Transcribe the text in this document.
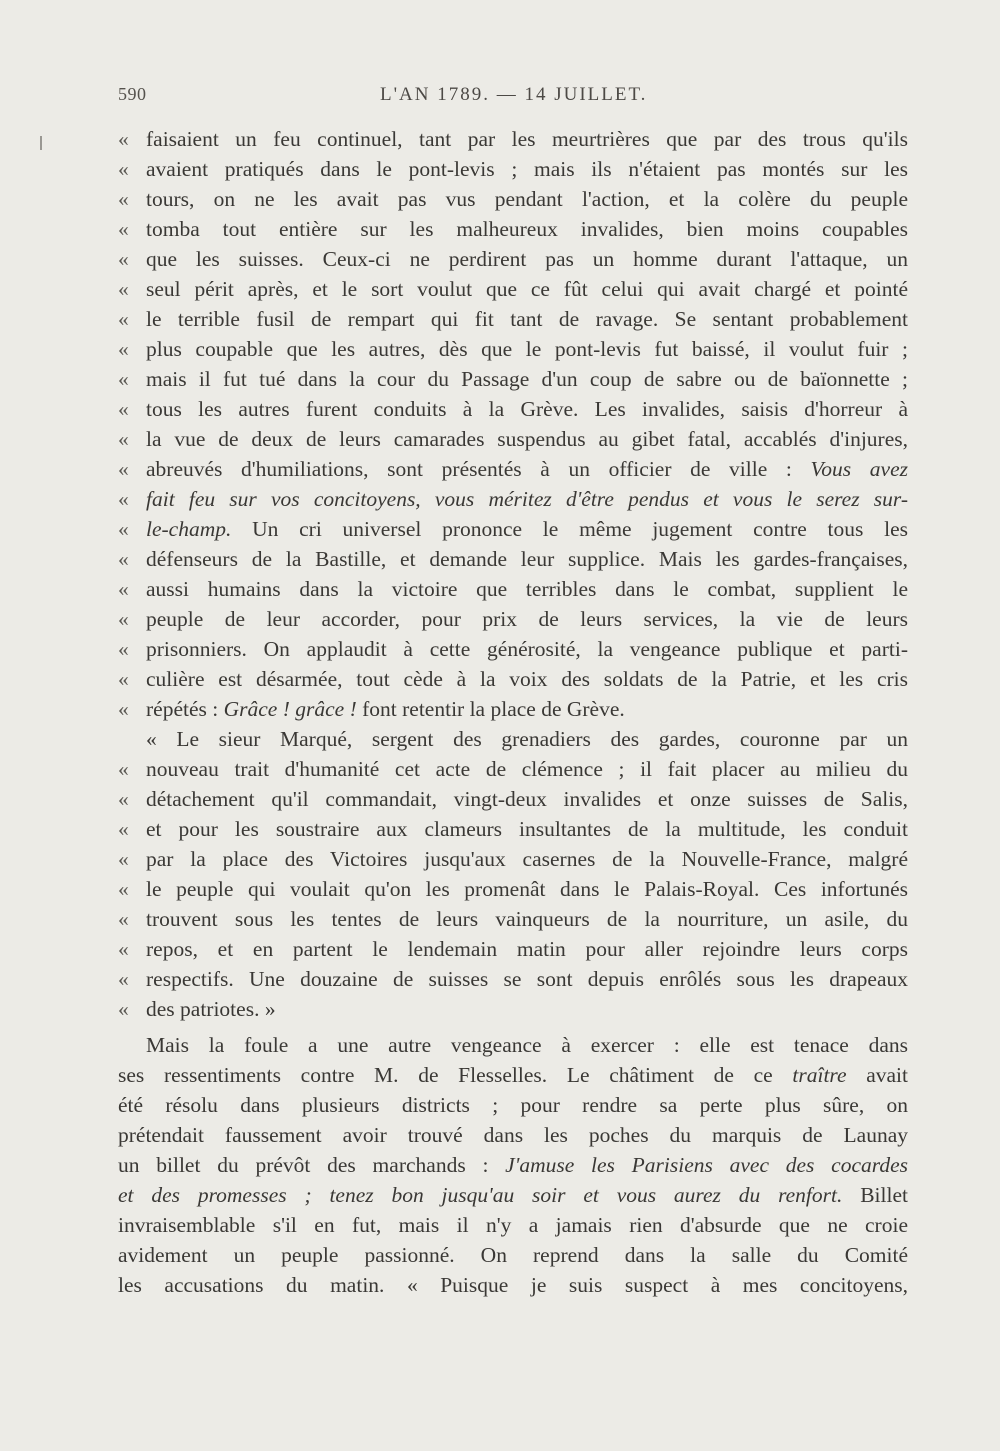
590	L'AN 1789. — 14 JUILLET.
« faisaient un feu continuel, tant par les meurtrières que par des trous qu'ils
« avaient pratiqués dans le pont-levis ; mais ils n'étaient pas montés sur les
« tours, on ne les avait pas vus pendant l'action, et la colère du peuple
« tomba tout entière sur les malheureux invalides, bien moins coupables
« que les suisses. Ceux-ci ne perdirent pas un homme durant l'attaque, un
« seul périt après, et le sort voulut que ce fût celui qui avait chargé et pointé
« le terrible fusil de rempart qui fit tant de ravage. Se sentant probablement
« plus coupable que les autres, dès que le pont-levis fut baissé, il voulut fuir ;
« mais il fut tué dans la cour du Passage d'un coup de sabre ou de baïonnette ;
« tous les autres furent conduits à la Grève. Les invalides, saisis d'horreur à
« la vue de deux de leurs camarades suspendus au gibet fatal, accablés d'injures,
« abreuvés d'humiliations, sont présentés à un officier de ville : Vous avez
« fait feu sur vos concitoyens, vous méritez d'être pendus et vous le serez sur-
« le-champ. Un cri universel prononce le même jugement contre tous les
« défenseurs de la Bastille, et demande leur supplice. Mais les gardes-françaises,
« aussi humains dans la victoire que terribles dans le combat, supplient le
« peuple de leur accorder, pour prix de leurs services, la vie de leurs
« prisonniers. On applaudit à cette générosité, la vengeance publique et parti-
« culière est désarmée, tout cède à la voix des soldats de la Patrie, et les cris
« répétés : Grâce ! grâce ! font retentir la place de Grève.
« Le sieur Marqué, sergent des grenadiers des gardes, couronne par un
« nouveau trait d'humanité cet acte de clémence ; il fait placer au milieu du
« détachement qu'il commandait, vingt-deux invalides et onze suisses de Salis,
« et pour les soustraire aux clameurs insultantes de la multitude, les conduit
« par la place des Victoires jusqu'aux casernes de la Nouvelle-France, malgré
« le peuple qui voulait qu'on les promenât dans le Palais-Royal. Ces infortunés
« trouvent sous les tentes de leurs vainqueurs de la nourriture, un asile, du
« repos, et en partent le lendemain matin pour aller rejoindre leurs corps
« respectifs. Une douzaine de suisses se sont depuis enrôlés sous les drapeaux
« des patriotes. »
Mais la foule a une autre vengeance à exercer : elle est tenace dans
ses ressentiments contre M. de Flesselles. Le châtiment de ce traître avait
été résolu dans plusieurs districts ; pour rendre sa perte plus sûre, on
prétendait faussement avoir trouvé dans les poches du marquis de Launay
un billet du prévôt des marchands : J'amuse les Parisiens avec des cocardes
et des promesses ; tenez bon jusqu'au soir et vous aurez du renfort. Billet
invraisemblable s'il en fut, mais il n'y a jamais rien d'absurde que ne croie
avidement un peuple passionné. On reprend dans la salle du Comité
les accusations du matin. « Puisque je suis suspect à mes concitoyens,
